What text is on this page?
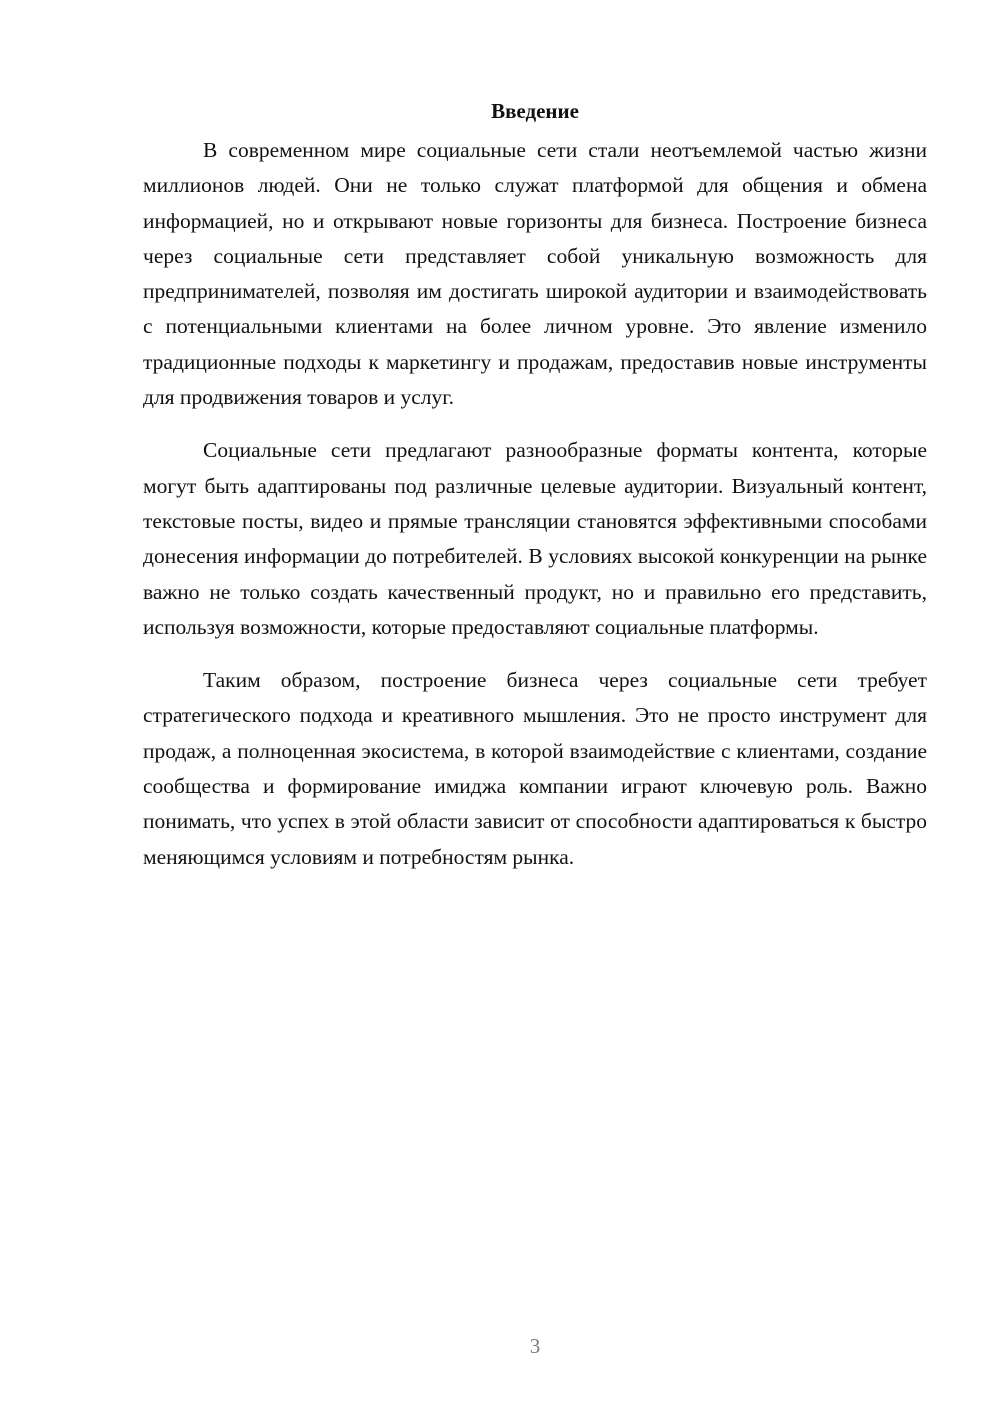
Введение

В современном мире социальные сети стали неотъемлемой частью жизни миллионов людей. Они не только служат платформой для общения и обмена информацией, но и открывают новые горизонты для бизнеса. Построение бизнеса через социальные сети представляет собой уникальную возможность для предпринимателей, позволяя им достигать широкой аудитории и взаимодействовать с потенциальными клиентами на более личном уровне. Это явление изменило традиционные подходы к маркетингу и продажам, предоставив новые инструменты для продвижения товаров и услуг.

Социальные сети предлагают разнообразные форматы контента, которые могут быть адаптированы под различные целевые аудитории. Визуальный контент, текстовые посты, видео и прямые трансляции становятся эффективными способами донесения информации до потребителей. В условиях высокой конкуренции на рынке важно не только создать качественный продукт, но и правильно его представить, используя возможности, которые предоставляют социальные платформы.

Таким образом, построение бизнеса через социальные сети требует стратегического подхода и креативного мышления. Это не просто инструмент для продаж, а полноценная экосистема, в которой взаимодействие с клиентами, создание сообщества и формирование имиджа компании играют ключевую роль. Важно понимать, что успех в этой области зависит от способности адаптироваться к быстро меняющимся условиям и потребностям рынка.

3
